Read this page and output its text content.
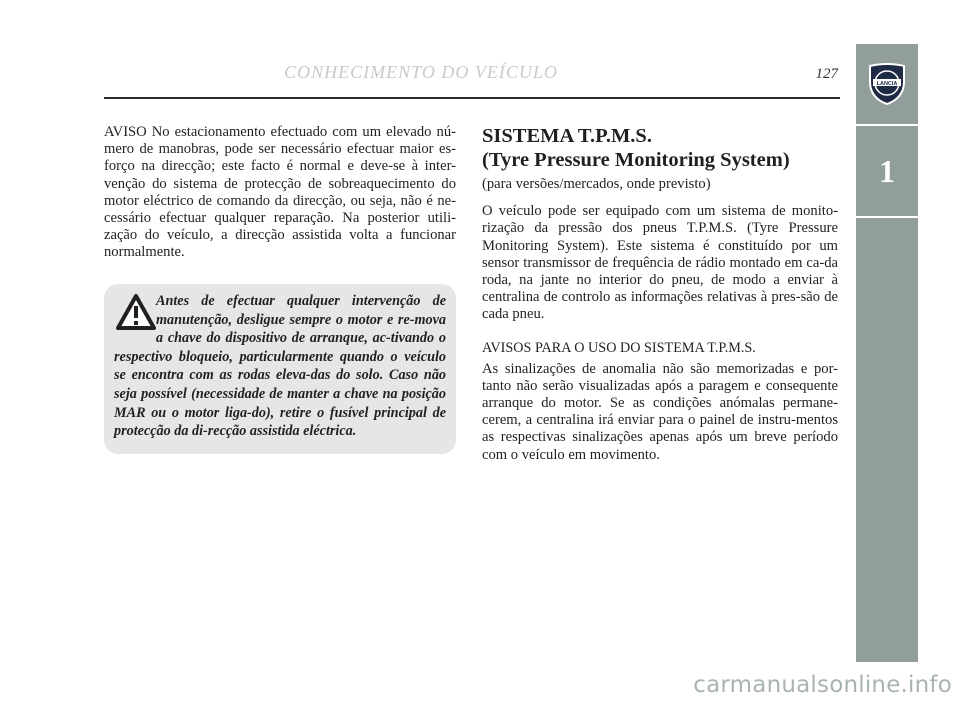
CONHECIMENTO DO VEÍCULO	127
LANCIA
1

AVISO No estacionamento efectuado com um elevado nú-mero de manobras, pode ser necessário efectuar maior es-forço na direcção; este facto é normal e deve-se à inter-venção do sistema de protecção de sobreaquecimento do motor eléctrico de comando da direcção, ou seja, não é ne-cessário efectuar qualquer reparação. Na posterior utili-zação do veículo, a direcção assistida volta a funcionar normalmente.

Antes de efectuar qualquer intervenção de manutenção, desligue sempre o motor e re-mova a chave do dispositivo de arranque, ac-tivando o respectivo bloqueio, particularmente quando o veículo se encontra com as rodas eleva-das do solo. Caso não seja possível (necessidade de manter a chave na posição MAR ou o motor liga-do), retire o fusível principal de protecção da di-recção assistida eléctrica.

SISTEMA T.P.M.S.
(Tyre Pressure Monitoring System)

(para versões/mercados, onde previsto)

O veículo pode ser equipado com um sistema de monito-rização da pressão dos pneus T.P.M.S. (Tyre Pressure Monitoring System). Este sistema é constituído por um sensor transmissor de frequência de rádio montado em ca-da roda, na jante no interior do pneu, de modo a enviar à centralina de controlo as informações relativas à pres-são de cada pneu.

AVISOS PARA O USO DO SISTEMA T.P.M.S.

As sinalizações de anomalia não são memorizadas e por-tanto não serão visualizadas após a paragem e consequente arranque do motor. Se as condições anómalas permane-cerem, a centralina irá enviar para o painel de instru-mentos as respectivas sinalizações apenas após um breve período com o veículo em movimento.

carmanualsonline.info
